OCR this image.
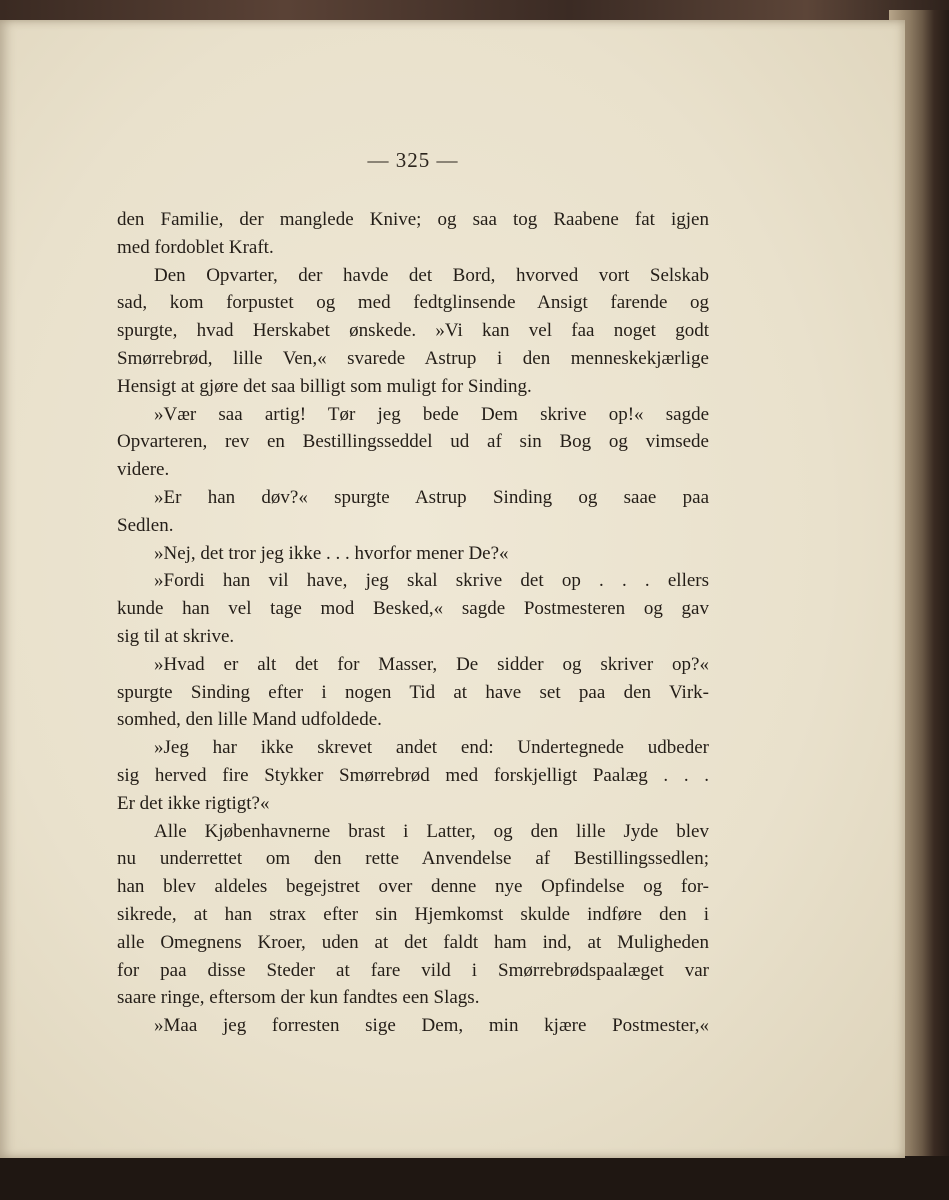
— 325 —
den Familie, der manglede Knive; og saa tog Raabene fat igjen
med fordoblet Kraft.
Den Opvarter, der havde det Bord, hvorved vort Selskab
sad, kom forpustet og med fedtglinsende Ansigt farende og
spurgte, hvad Herskabet ønskede. »Vi kan vel faa noget godt
Smørrebrød, lille Ven,« svarede Astrup i den menneskekjærlige
Hensigt at gjøre det saa billigt som muligt for Sinding.
»Vær saa artig! Tør jeg bede Dem skrive op!« sagde
Opvarteren, rev en Bestillingsseddel ud af sin Bog og vimsede
videre.
»Er han døv?« spurgte Astrup Sinding og saae paa
Sedlen.
»Nej, det tror jeg ikke . . . hvorfor mener De?«
»Fordi han vil have, jeg skal skrive det op . . . ellers
kunde han vel tage mod Besked,« sagde Postmesteren og gav
sig til at skrive.
»Hvad er alt det for Masser, De sidder og skriver op?«
spurgte Sinding efter i nogen Tid at have set paa den Virk-
somhed, den lille Mand udfoldede.
»Jeg har ikke skrevet andet end: Undertegnede udbeder
sig herved fire Stykker Smørrebrød med forskjelligt Paalæg . . .
Er det ikke rigtigt?«
Alle Kjøbenhavnerne brast i Latter, og den lille Jyde blev
nu underrettet om den rette Anvendelse af Bestillingssedlen;
han blev aldeles begejstret over denne nye Opfindelse og for-
sikrede, at han strax efter sin Hjemkomst skulde indføre den i
alle Omegnens Kroer, uden at det faldt ham ind, at Muligheden
for paa disse Steder at fare vild i Smørrebrødspaalæget var
saare ringe, eftersom der kun fandtes een Slags.
»Maa jeg forresten sige Dem, min kjære Postmester,«
